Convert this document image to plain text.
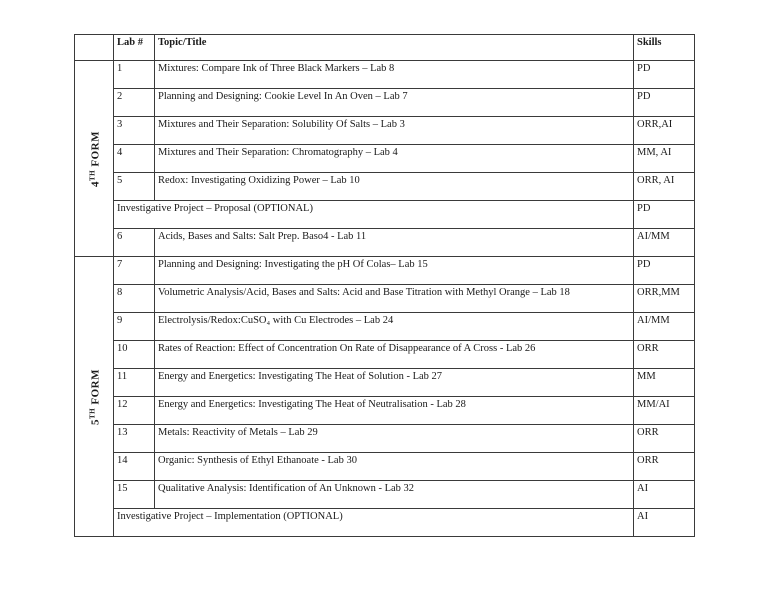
	Lab #	Topic/Title	Skills

4TH FORM	1	Mixtures: Compare Ink of Three Black Markers – Lab 8	PD
	2	Planning and Designing: Cookie Level In An Oven – Lab 7	PD
	3	Mixtures and Their Separation: Solubility Of Salts – Lab 3	ORR,AI
	4	Mixtures and Their Separation: Chromatography – Lab 4	MM, AI
	5	Redox: Investigating Oxidizing Power – Lab 10	ORR, AI
	Investigative Project – Proposal (OPTIONAL)		PD
	6	Acids, Bases and Salts: Salt Prep. Baso4 - Lab 11	AI/MM

5TH FORM	7	Planning and Designing: Investigating the pH Of Colas– Lab 15	PD
	8	Volumetric Analysis/Acid, Bases and Salts: Acid and Base Titration with Methyl Orange – Lab 18	ORR,MM
	9	Electrolysis/Redox:CuSO₄ with Cu Electrodes – Lab 24	AI/MM
	10	Rates of Reaction: Effect of Concentration On Rate of Disappearance of A Cross - Lab 26	ORR
	11	Energy and Energetics: Investigating The Heat of Solution - Lab 27	MM
	12	Energy and Energetics: Investigating The Heat of Neutralisation - Lab 28	MM/AI
	13	Metals: Reactivity of Metals – Lab 29	ORR
	14	Organic: Synthesis of Ethyl Ethanoate - Lab 30	ORR
	15	Qualitative Analysis: Identification of An Unknown - Lab 32	AI
	Investigative Project – Implementation (OPTIONAL)		AI
